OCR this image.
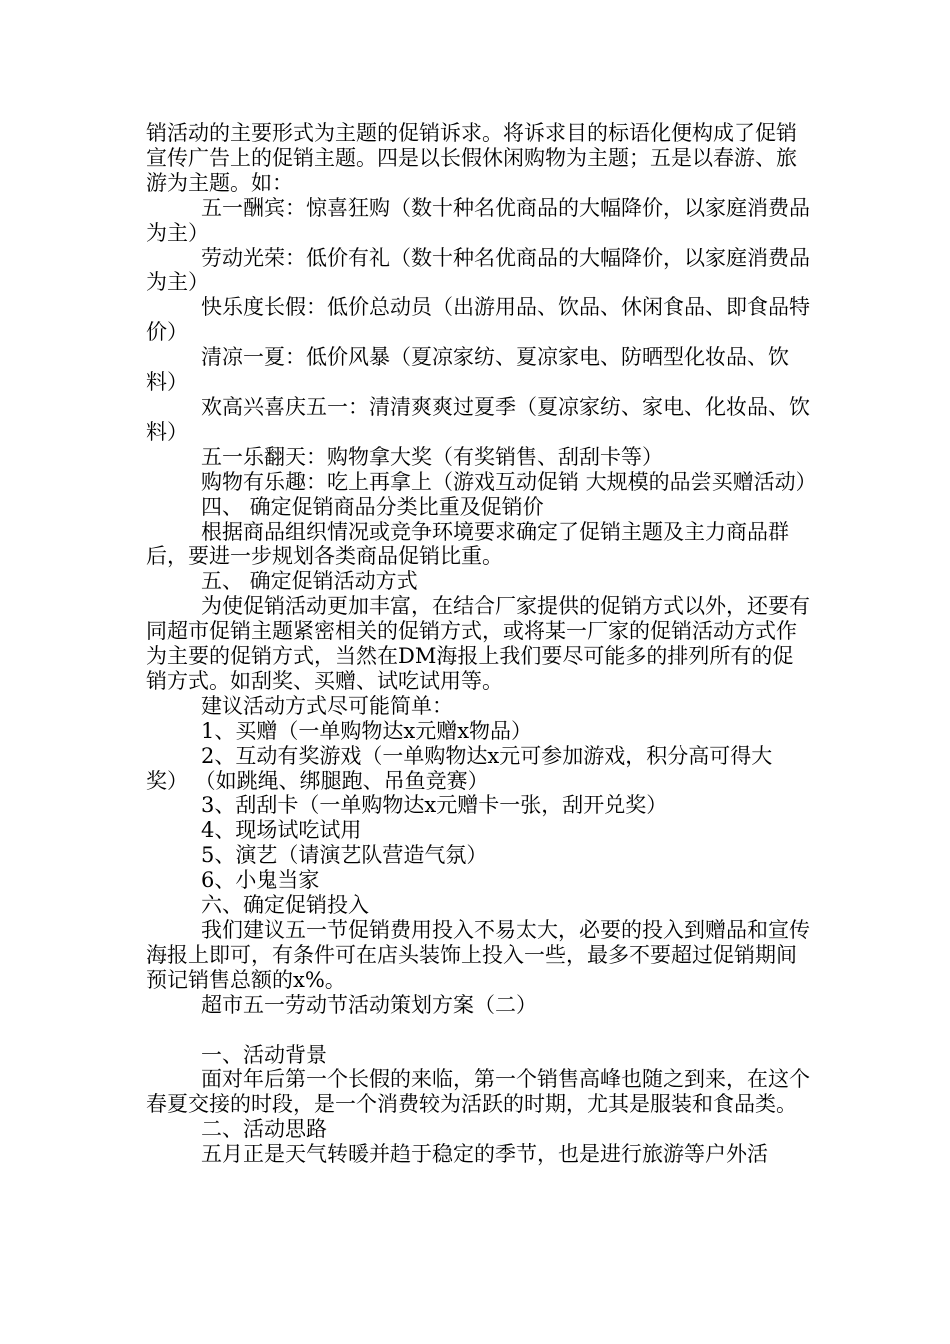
销活动的主要形式为主题的促销诉求。将诉求目的标语化便构成了促销宣传广告上的促销主题。四是以长假休闲购物为主题；五是以春游、旅游为主题。如：

五一酬宾：惊喜狂购（数十种名优商品的大幅降价，以家庭消费品为主）

劳动光荣：低价有礼（数十种名优商品的大幅降价，以家庭消费品为主）

快乐度长假：低价总动员（出游用品、饮品、休闲食品、即食品特价）

清凉一夏：低价风暴（夏凉家纺、夏凉家电、防晒型化妆品、饮料）

欢高兴喜庆五一：清清爽爽过夏季（夏凉家纺、家电、化妆品、饮料）

五一乐翻天：购物拿大奖（有奖销售、刮刮卡等）

购物有乐趣：吃上再拿上（游戏互动促销 大规模的品尝买赠活动）

四、 确定促销商品分类比重及促销价

根据商品组织情况或竞争环境要求确定了促销主题及主力商品群后，要进一步规划各类商品促销比重。

五、 确定促销活动方式

为使促销活动更加丰富，在结合厂家提供的促销方式以外，还要有同超市促销主题紧密相关的促销方式，或将某一厂家的促销活动方式作为主要的促销方式，当然在DM海报上我们要尽可能多的排列所有的促销方式。如刮奖、买赠、试吃试用等。

建议活动方式尽可能简单：

1、买赠（一单购物达x元赠x物品）

2、互动有奖游戏（一单购物达x元可参加游戏，积分高可得大奖） （如跳绳、绑腿跑、吊鱼竞赛）

3、刮刮卡（一单购物达x元赠卡一张，刮开兑奖）

4、现场试吃试用

5、演艺（请演艺队营造气氛）

6、小鬼当家

六、确定促销投入

我们建议五一节促销费用投入不易太大，必要的投入到赠品和宣传海报上即可，有条件可在店头装饰上投入一些，最多不要超过促销期间预记销售总额的x%。

超市五一劳动节活动策划方案（二）

一、活动背景

面对年后第一个长假的来临，第一个销售高峰也随之到来，在这个春夏交接的时段，是一个消费较为活跃的时期，尤其是服装和食品类。

二、活动思路

五月正是天气转暖并趋于稳定的季节，也是进行旅游等户外活
